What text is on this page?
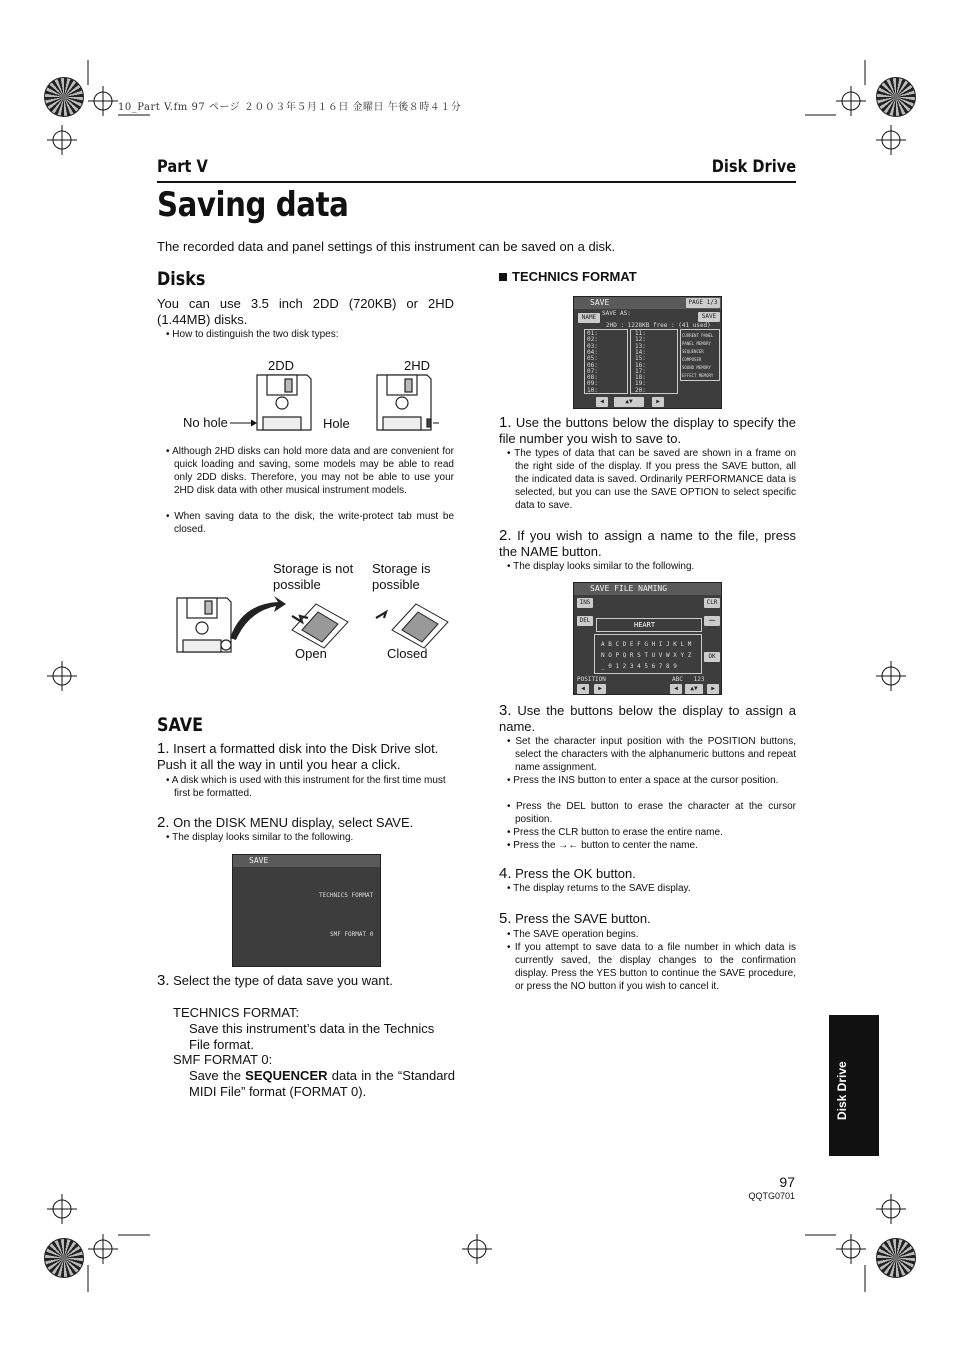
10_Part V.fm 97 ページ ２００３年５月１６日 金曜日 午後８時４１分
Part V	Disk Drive
Saving data
The recorded data and panel settings of this instrument can be saved on a disk.
Disks
You can use 3.5 inch 2DD (720KB) or 2HD (1.44MB) disks.
• How to distinguish the two disk types:
2DD	2HD
No hole	Hole
• Although 2HD disks can hold more data and are convenient for quick loading and saving, some models may be able to read only 2DD disks. Therefore, you may not be able to use your 2HD disk data with other musical instrument models.
• When saving data to the disk, the write-protect tab must be closed.
Storage is not
possible
Storage is
possible
Open	Closed
SAVE
1. Insert a formatted disk into the Disk Drive slot. Push it all the way in until you hear a click.
• A disk which is used with this instrument for the first time must first be formatted.
2. On the DISK MENU display, select SAVE.
• The display looks similar to the following.
SAVE
TECHNICS FORMAT
SMF FORMAT 0
3. Select the type of data save you want.
TECHNICS FORMAT:
Save this instrument’s data in the Technics File format.
SMF FORMAT 0:
Save the SEQUENCER data in the “Standard MIDI File” format (FORMAT 0).
TECHNICS FORMAT
SAVE	PAGE 1/3
SAVE AS:
NAME	SAVE
2HD : 1228KB free : (41 used)
01:
02:
03:
04:
05:
06:
07:
08:
09:
10:
11:
12:
13:
14:
15:
16:
17:
18:
19:
20:
CURRENT PANEL
PANEL MEMORY
SEQUENCER
COMPOSER
SOUND MEMORY
EFFECT MEMORY
◀	▲▼	▶
1. Use the buttons below the display to specify the file number you wish to save to.
• The types of data that can be saved are shown in a frame on the right side of the display. If you press the SAVE button, all the indicated data is saved. Ordinarily PERFORMANCE data is selected, but you can use the SAVE OPTION to select specific data to save.
2. If you wish to assign a name to the file, press the NAME button.
• The display looks similar to the following.
SAVE FILE NAMING
INS	CLR
→←
DEL
HEART
A B C D E F G H I J K L M
N O P Q R S T U V W X Y Z
_ 0 1 2 3 4 5 6 7 8 9
OK
POSITION	ABC   123
◀	▶	◀	▲▼	▶
3. Use the buttons below the display to assign a name.
• Set the character input position with the POSITION buttons, select the characters with the alphanumeric buttons and repeat name assignment.
• Press the INS button to enter a space at the cursor position.
• Press the DEL button to erase the character at the cursor position.
• Press the CLR button to erase the entire name.
• Press the →← button to center the name.
4. Press the OK button.
• The display returns to the SAVE display.
5. Press the SAVE button.
• The SAVE operation begins.
• If you attempt to save data to a file number in which data is currently saved, the display changes to the confirmation display. Press the YES button to continue the SAVE procedure, or press the NO button if you wish to cancel it.
Disk Drive
97
QQTG0701
